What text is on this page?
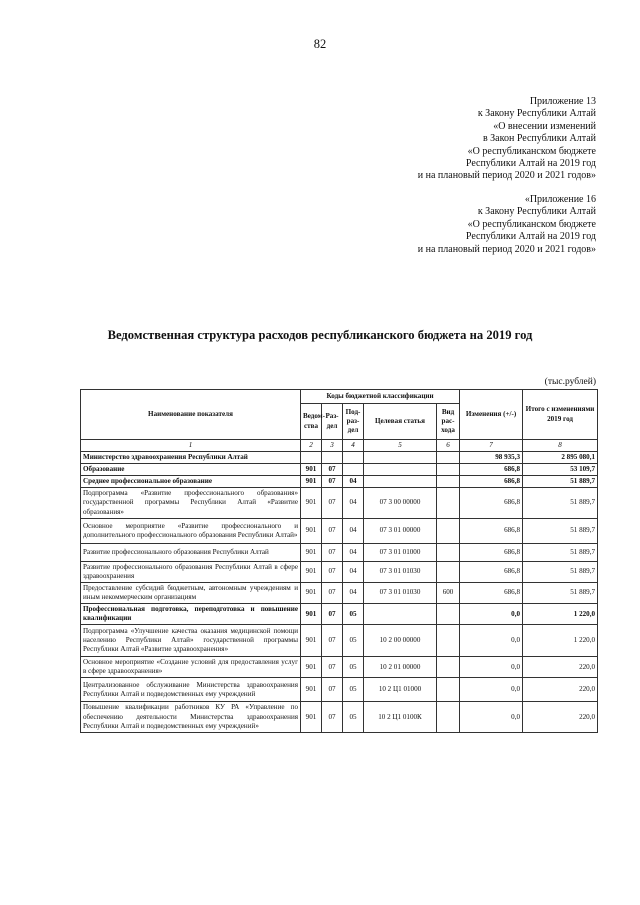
82
Приложение 13
к Закону Республики Алтай
«О внесении изменений
в Закон Республики Алтай
«О республиканском бюджете
Республики Алтай на 2019 год
и на плановый период 2020 и 2021 годов»
«Приложение 16
к Закону Республики Алтай
«О республиканском бюджете
Республики Алтай на 2019 год
и на плановый период 2020 и 2021 годов»
Ведомственная структура расходов республиканского бюджета на 2019 год
(тыс.рублей)
Наименование показателя	Коды бюджетной классификации					Изменения (+/-)	Итого с изменениями 2019 год
	Ведом-ства	Раз-дел	Под-раз-дел	Целевая статья	Вид рас-хода		
1	2	3	4	5	6	7	8
Министерство здравоохранения Республики Алтай						98 935,3	2 895 080,1
Образование	901	07				686,8	53 109,7
Среднее профессиональное образование	901	07	04			686,8	51 889,7
Подпрограмма «Развитие профессионального образования» государственной программы Республики Алтай «Развитие образования»	901	07	04	07 3 00 00000		686,8	51 889,7
Основное мероприятие «Развитие профессионального и дополнительного профессионального образования Республики Алтай»	901	07	04	07 3 01 00000		686,8	51 889,7
Развитие профессионального образования Республики Алтай	901	07	04	07 3 01 01000		686,8	51 889,7
Развитие профессионального образования Республики Алтай в сфере здравоохранения	901	07	04	07 3 01 01030		686,8	51 889,7
Предоставление субсидий бюджетным, автономным учреждениям и иным некоммерческим организациям	901	07	04	07 3 01 01030	600	686,8	51 889,7
Профессиональная подготовка, переподготовка и повышение квалификации	901	07	05			0,0	1 220,0
Подпрограмма «Улучшение качества оказания медицинской помощи населению Республики Алтай» государственной программы Республики Алтай «Развитие здравоохранения»	901	07	05	10 2 00 00000		0,0	1 220,0
Основное мероприятие «Создание условий для предоставления услуг в сфере здравоохранения»	901	07	05	10 2 01 00000		0,0	220,0
Централизованное обслуживание Министерства здравоохранения Республики Алтай и подведомственных ему учреждений	901	07	05	10 2 Ц1 01000		0,0	220,0
Повышение квалификации работников КУ РА «Управление по обеспечению деятельности Министерства здравоохранения Республики Алтай и подведомственных ему учреждений»	901	07	05	10 2 Ц1 0100К		0,0	220,0
